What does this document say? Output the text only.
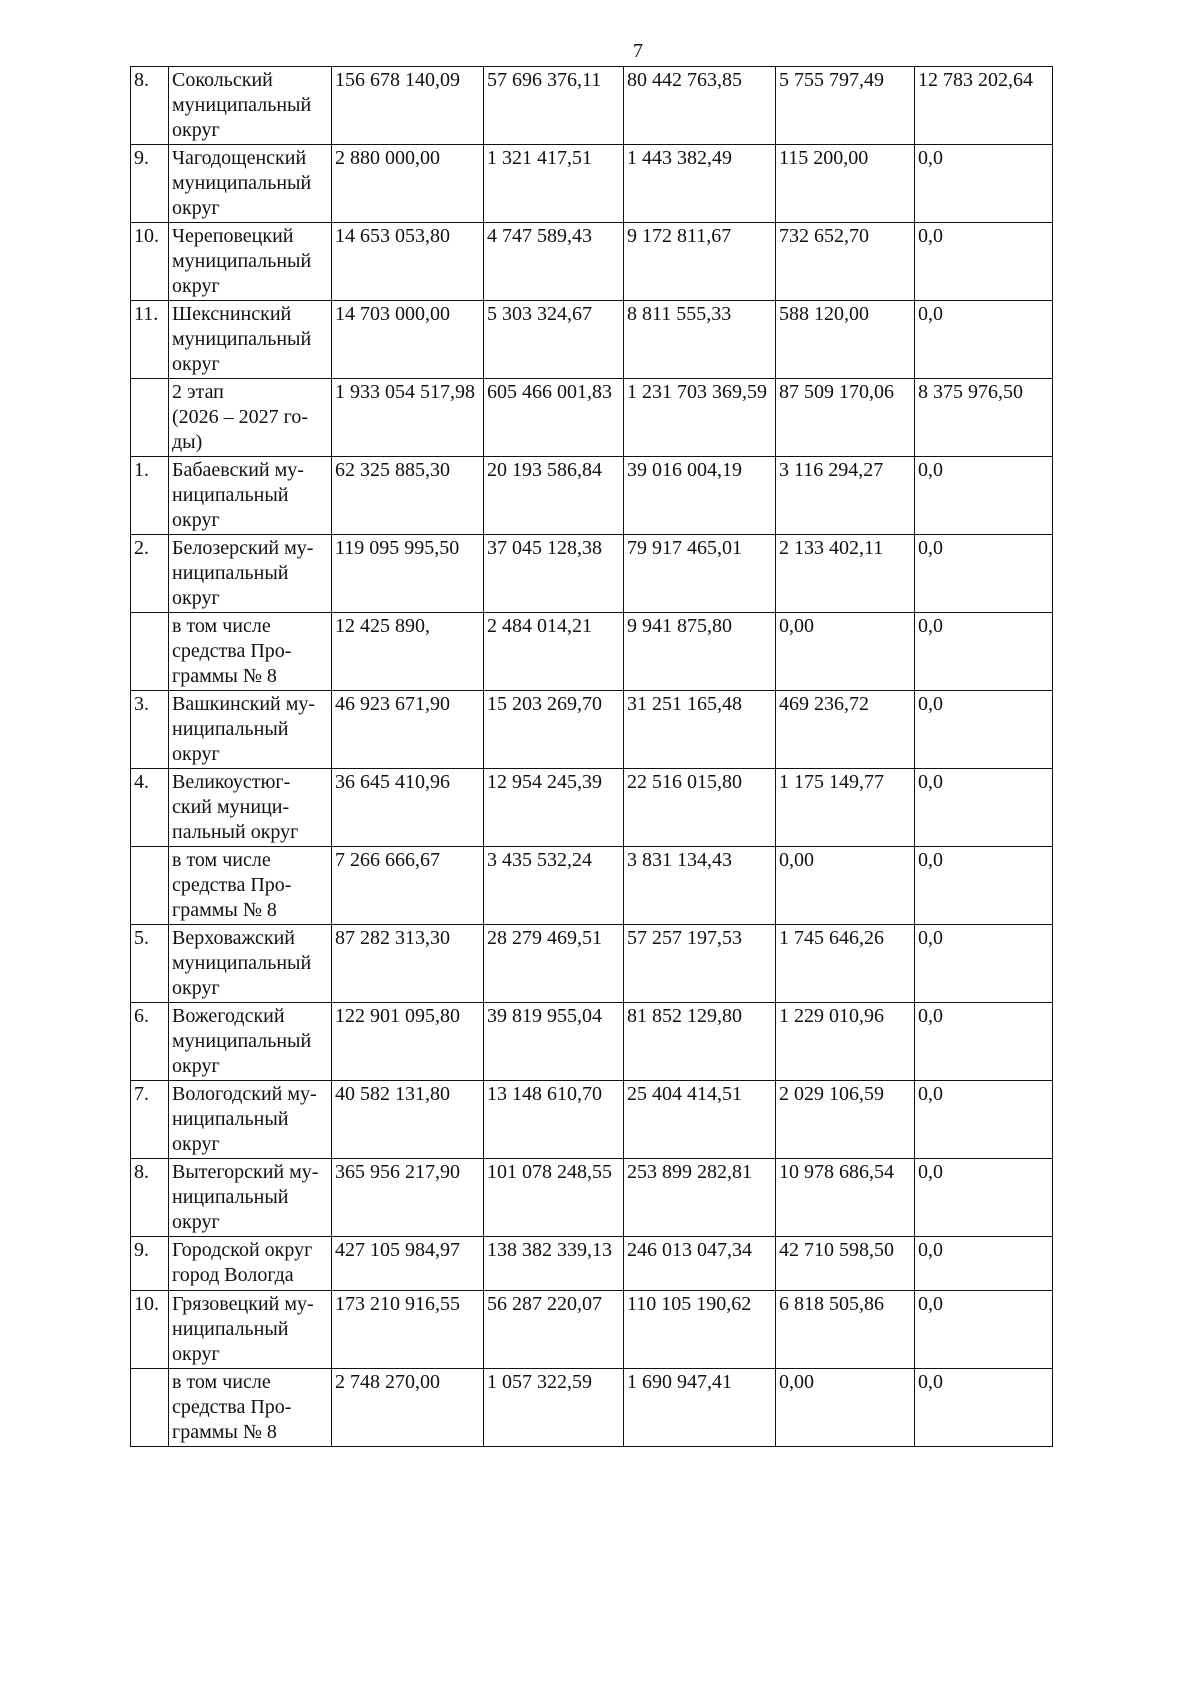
7
8.	Сокольский
муниципальный
округ	156 678 140,09	57 696 376,11	80 442 763,85	5 755 797,49	12 783 202,64
9.	Чагодощенский
муниципальный
округ	2 880 000,00	1 321 417,51	1 443 382,49	115 200,00	0,0
10.	Череповецкий
муниципальный
округ	14 653 053,80	4 747 589,43	9 172 811,67	732 652,70	0,0
11.	Шекснинский
муниципальный
округ	14 703 000,00	5 303 324,67	8 811 555,33	588 120,00	0,0
	2 этап
(2026 – 2027 го-
ды)	1 933 054 517,98	605 466 001,83	1 231 703 369,59	87 509 170,06	8 375 976,50
1.	Бабаевский му-
ниципальный
округ	62 325 885,30	20 193 586,84	39 016 004,19	3 116 294,27	0,0
2.	Белозерский му-
ниципальный
округ	119 095 995,50	37 045 128,38	79 917 465,01	2 133 402,11	0,0
	в том числе
средства Про-
граммы № 8	12 425 890,	2 484 014,21	9 941 875,80	0,00	0,0
3.	Вашкинский му-
ниципальный
округ	46 923 671,90	15 203 269,70	31 251 165,48	469 236,72	0,0
4.	Великоустюг-
ский муници-
пальный округ	36 645 410,96	12 954 245,39	22 516 015,80	1 175 149,77	0,0
	в том числе
средства Про-
граммы № 8	7 266 666,67	3 435 532,24	3 831 134,43	0,00	0,0
5.	Верховажский
муниципальный
округ	87 282 313,30	28 279 469,51	57 257 197,53	1 745 646,26	0,0
6.	Вожегодский
муниципальный
округ	122 901 095,80	39 819 955,04	81 852 129,80	1 229 010,96	0,0
7.	Вологодский му-
ниципальный
округ	40 582 131,80	13 148 610,70	25 404 414,51	2 029 106,59	0,0
8.	Вытегорский му-
ниципальный
округ	365 956 217,90	101 078 248,55	253 899 282,81	10 978 686,54	0,0
9.	Городской округ
город Вологда	427 105 984,97	138 382 339,13	246 013 047,34	42 710 598,50	0,0
10.	Грязовецкий му-
ниципальный
округ	173 210 916,55	56 287 220,07	110 105 190,62	6 818 505,86	0,0
	в том числе
средства Про-
граммы № 8	2 748 270,00	1 057 322,59	1 690 947,41	0,00	0,0
